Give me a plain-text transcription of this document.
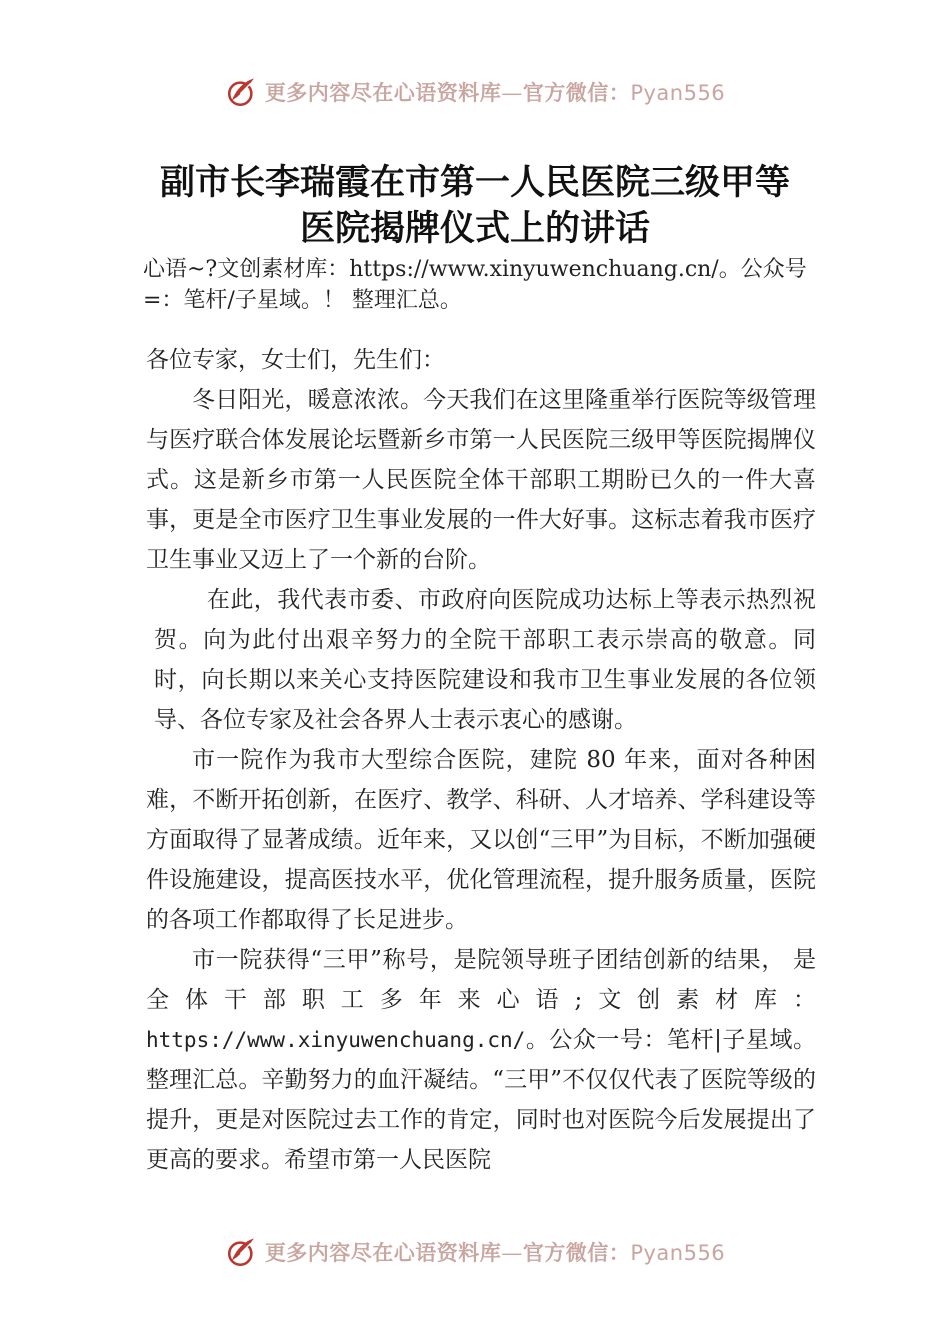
更多内容尽在心语资料库—官方微信：Pyan556
副市长李瑞霞在市第一人民医院三级甲等
医院揭牌仪式上的讲话
心语~?文创素材库：https://www.xinyuwenchuang.cn/。公众号=：笔杆/子星域。！ 整理汇总。

各位专家，女士们，先生们：

冬日阳光，暖意浓浓。今天我们在这里隆重举行医院等级管理与医疗联合体发展论坛暨新乡市第一人民医院三级甲等医院揭牌仪式。这是新乡市第一人民医院全体干部职工期盼已久的一件大喜事，更是全市医疗卫生事业发展的一件大好事。这标志着我市医疗卫生事业又迈上了一个新的台阶。

在此，我代表市委、市政府向医院成功达标上等表示热烈祝贺。向为此付出艰辛努力的全院干部职工表示崇高的敬意。同时，向长期以来关心支持医院建设和我市卫生事业发展的各位领导、各位专家及社会各界人士表示衷心的感谢。

市一院作为我市大型综合医院，建院 80 年来，面对各种困难，不断开拓创新，在医疗、教学、科研、人才培养、学科建设等方面取得了显著成绩。近年来，又以创“三甲”为目标，不断加强硬件设施建设，提高医技水平，优化管理流程，提升服务质量，医院的各项工作都取得了长足进步。

市一院获得“三甲”称号，是院领导班子团结创新的结果， 是全体干部职工多年来心语;文创素材库：https://www.xinyuwenchuang.cn/。公众一号：笔杆|子星域。整理汇总。辛勤努力的血汗凝结。“三甲”不仅仅代表了医院等级的提升，更是对医院过去工作的肯定，同时也对医院今后发展提出了更高的要求。希望市第一人民医院

更多内容尽在心语资料库—官方微信：Pyan556
